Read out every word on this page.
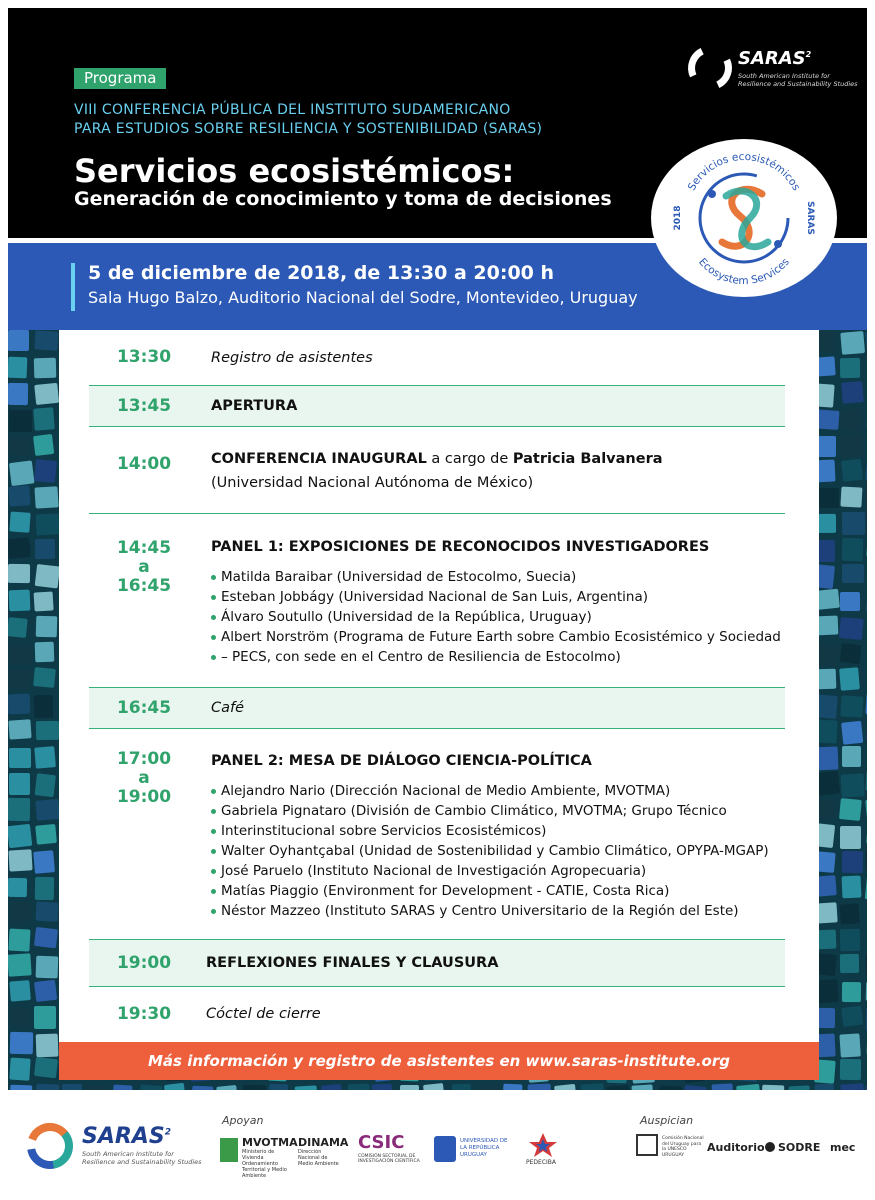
Programa
VIII CONFERENCIA PÚBLICA DEL INSTITUTO SUDAMERICANO
PARA ESTUDIOS SOBRE RESILIENCIA Y SOSTENIBILIDAD (SARAS)
Servicios ecosistémicos:
Generación de conocimiento y toma de decisiones
SARAS$^2$
South American Institute for Resilience and Sustainability Studies
5 de diciembre de 2018, de 13:30 a 20:00 h
Sala Hugo Balzo, Auditorio Nacional del Sodre, Montevideo, Uruguay
Servicios ecosistémicos
Ecosystem Services
2018	SARAS
13:30	Registro de asistentes
13:45	APERTURA
14:00	CONFERENCIA INAUGURAL a cargo de Patricia Balvanera
(Universidad Nacional Autónoma de México)
14:45
a
16:45
PANEL 1: EXPOSICIONES DE RECONOCIDOS INVESTIGADORES
Matilda Baraibar (Universidad de Estocolmo, Suecia)
Esteban Jobbágy (Universidad Nacional de San Luis, Argentina)
Álvaro Soutullo (Universidad de la República, Uruguay)
Albert Norström (Programa de Future Earth sobre Cambio Ecosistémico y Sociedad
– PECS, con sede en el Centro de Resiliencia de Estocolmo)
16:45	Café
17:00
a
19:00
PANEL 2: MESA DE DIÁLOGO CIENCIA-POLÍTICA
Alejandro Nario (Dirección Nacional de Medio Ambiente, MVOTMA)
Gabriela Pignataro (División de Cambio Climático, MVOTMA; Grupo Técnico
Interinstitucional sobre Servicios Ecosistémicos)
Walter Oyhantçabal (Unidad de Sostenibilidad y Cambio Climático, OPYPA-MGAP)
José Paruelo (Instituto Nacional de Investigación Agropecuaria)
Matías Piaggio (Environment for Development - CATIE, Costa Rica)
Néstor Mazzeo (Instituto SARAS y Centro Universitario de la Región del Este)
19:00	REFLEXIONES FINALES Y CLAUSURA
19:30	Cóctel de cierre
Más información y registro de asistentes en www.saras-institute.org
SARAS$^2$
South American Institute for Resilience and Sustainability Studies
Apoyan	Auspician
MVOTMA
Ministerio de Vivienda Ordenamiento Territorial y Medio Ambiente
DINAMA
Dirección Nacional de Medio Ambiente
CSIC
COMISIÓN SECTORIAL DE INVESTIGACIÓN CIENTÍFICA
UNIVERSIDAD DE LA REPÚBLICA URUGUAY
PEDECIBA
Comisión Nacional del Uruguay para la UNESCO URUGUAY
Auditorio SODRE mec
